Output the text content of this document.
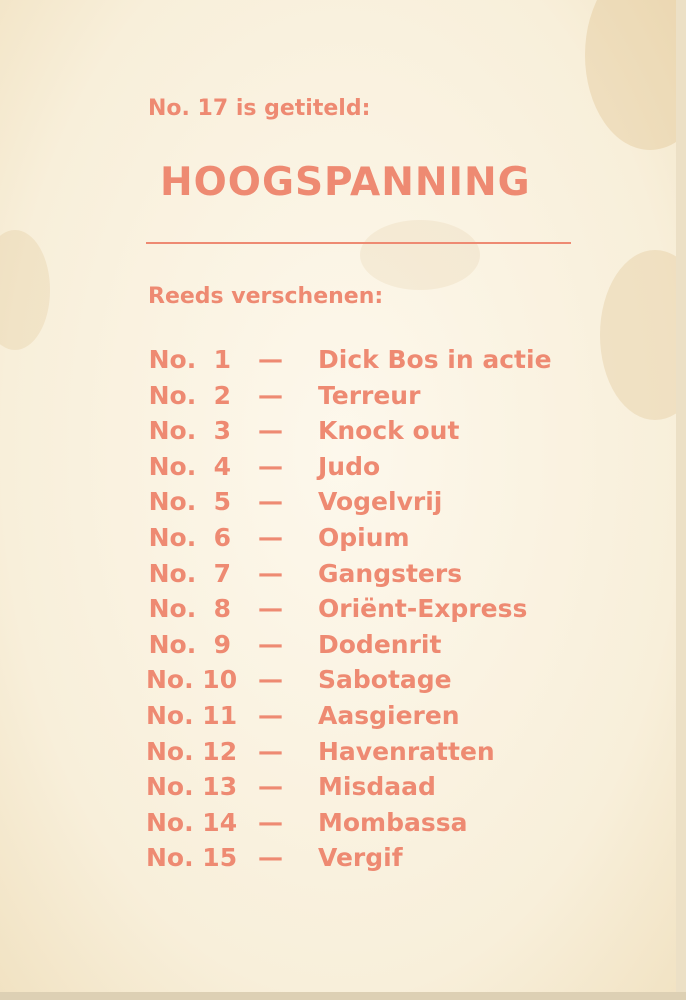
No. 17 is getiteld:
HOOGSPANNING
Reeds verschenen:
No.  1 — Dick Bos in actie
No.  2 — Terreur
No.  3 — Knock out
No.  4 — Judo
No.  5 — Vogelvrij
No.  6 — Opium
No.  7 — Gangsters
No.  8 — Oriënt-Express
No.  9 — Dodenrit
No. 10 — Sabotage
No. 11 — Aasgieren
No. 12 — Havenratten
No. 13 — Misdaad
No. 14 — Mombassa
No. 15 — Vergif
